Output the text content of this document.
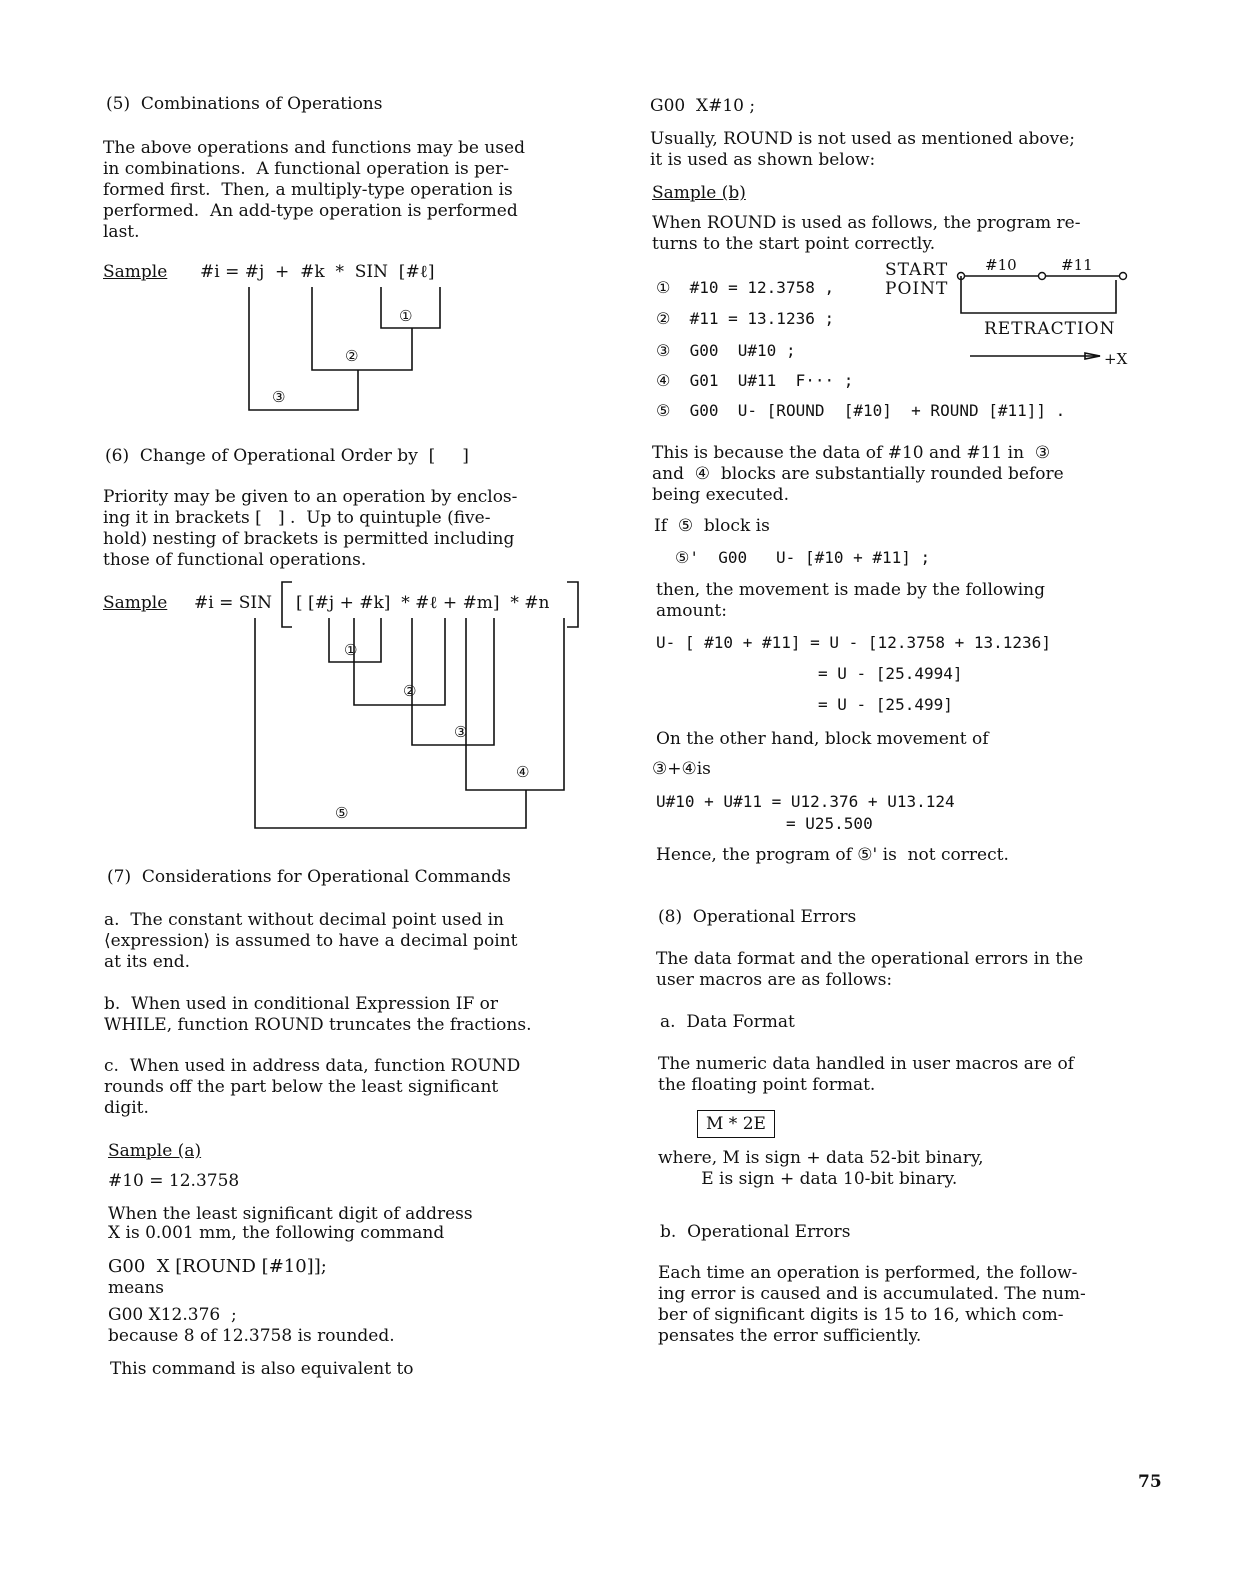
(5)  Combinations of Operations
The above operations and functions may be used
in combinations.  A functional operation is per-
formed first.  Then, a multiply-type operation is
performed.  An add-type operation is performed
last.
Sample #i = #j  +  #k  *  SIN  [#ℓ]
①
②
③
(6)  Change of Operational Order by  [     ]
Priority may be given to an operation by enclos-
ing it in brackets [   ] .  Up to quintuple (five-
hold) nesting of brackets is permitted including
those of functional operations.
Sample #i = SIN [ [#j + #k]  * #ℓ + #m]  * #n
①
②
③
④
⑤
(7)  Considerations for Operational Commands
a.  The constant without decimal point used in
⟨expression⟩ is assumed to have a decimal point
at its end.
b.  When used in conditional Expression IF or
WHILE, function ROUND truncates the fractions.
c.  When used in address data, function ROUND
rounds off the part below the least significant
digit.
Sample (a)
#10 = 12.3758
When the least significant digit of address
X is 0.001 mm, the following command
G00  X [ROUND [#10]];
means
G00 X12.376  ;
because 8 of 12.3758 is rounded.
This command is also equivalent to
G00  X#10 ;
Usually, ROUND is not used as mentioned above;
it is used as shown below:
Sample (b)
When ROUND is used as follows, the program re-
turns to the start point correctly.
① #10 = 12.3758 ,
② #11 = 13.1236 ;
③ G00  U#10 ;
④ G01  U#11  F··· ;
⑤ G00  U- [ROUND  [#10]  + ROUND [#11]] .
START
POINT
#10	#11
RETRACTION
+X
This is because the data of #10 and #11 in  ③
and  ④  blocks are substantially rounded before
being executed.
If  ⑤  block is
⑤'  G00   U- [#10 + #11] ;
then, the movement is made by the following
amount:
U- [ #10 + #11] = U - [12.3758 + 13.1236]
= U - [25.4994]
= U - [25.499]
On the other hand, block movement of
③+④is
U#10 + U#11 = U12.376 + U13.124
= U25.500
Hence, the program of ⑤' is  not correct.
(8)  Operational Errors
The data format and the operational errors in the
user macros are as follows:
a.  Data Format
The numeric data handled in user macros are of
the floating point format.
M * 2E
where, M is sign + data 52-bit binary,
E is sign + data 10-bit binary.
b.  Operational Errors
Each time an operation is performed, the follow-
ing error is caused and is accumulated. The num-
ber of significant digits is 15 to 16, which com-
pensates the error sufficiently.
75
